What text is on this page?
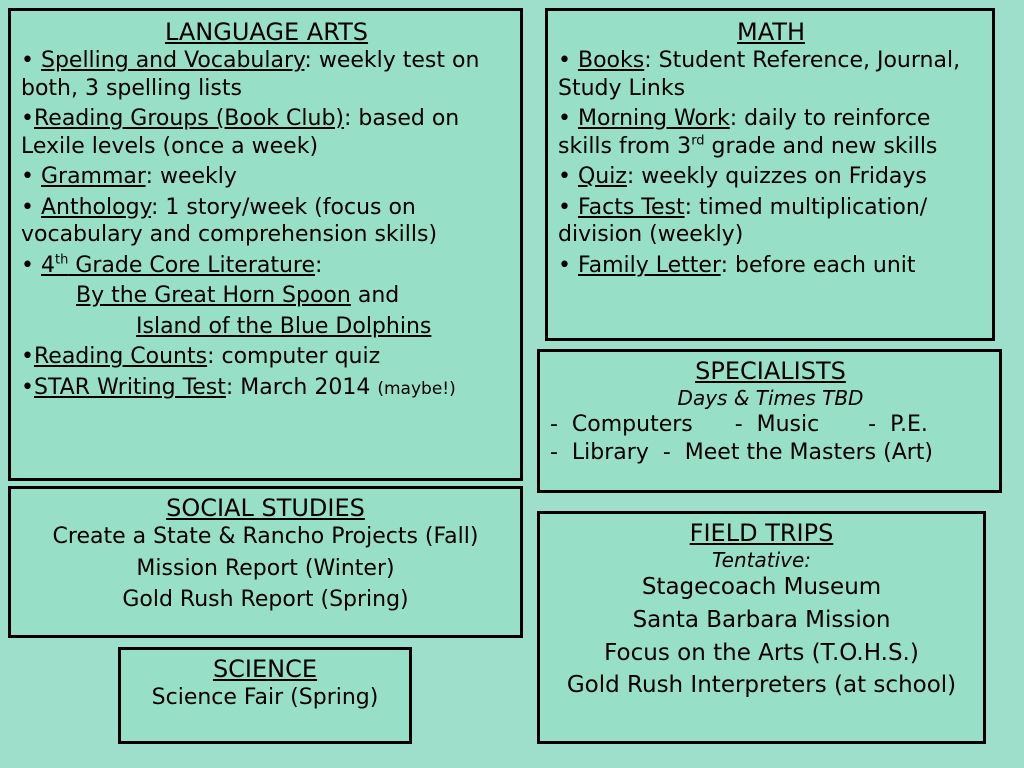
LANGUAGE ARTS
• Spelling and Vocabulary: weekly test on both, 3 spelling lists
•Reading Groups (Book Club): based on Lexile levels (once a week)
• Grammar: weekly
• Anthology: 1 story/week (focus on vocabulary and comprehension skills)
• 4th Grade Core Literature:
By the Great Horn Spoon and
Island of the Blue Dolphins
•Reading Counts: computer quiz
•STAR Writing Test: March 2014 (maybe!)
MATH
• Books: Student Reference, Journal, Study Links
• Morning Work: daily to reinforce skills from 3rd grade and new skills
• Quiz: weekly quizzes on Fridays
• Facts Test: timed multiplication/ division (weekly)
• Family Letter: before each unit
SPECIALISTS
Days & Times TBD
-  Computers      -  Music       -  P.E.
-  Library  -  Meet the Masters (Art)
SOCIAL STUDIES
Create a State & Rancho Projects (Fall)
Mission Report (Winter)
Gold Rush Report (Spring)
SCIENCE
Science Fair (Spring)
FIELD TRIPS
Tentative:
Stagecoach Museum
Santa Barbara Mission
Focus on the Arts (T.O.H.S.)
Gold Rush Interpreters (at school)
